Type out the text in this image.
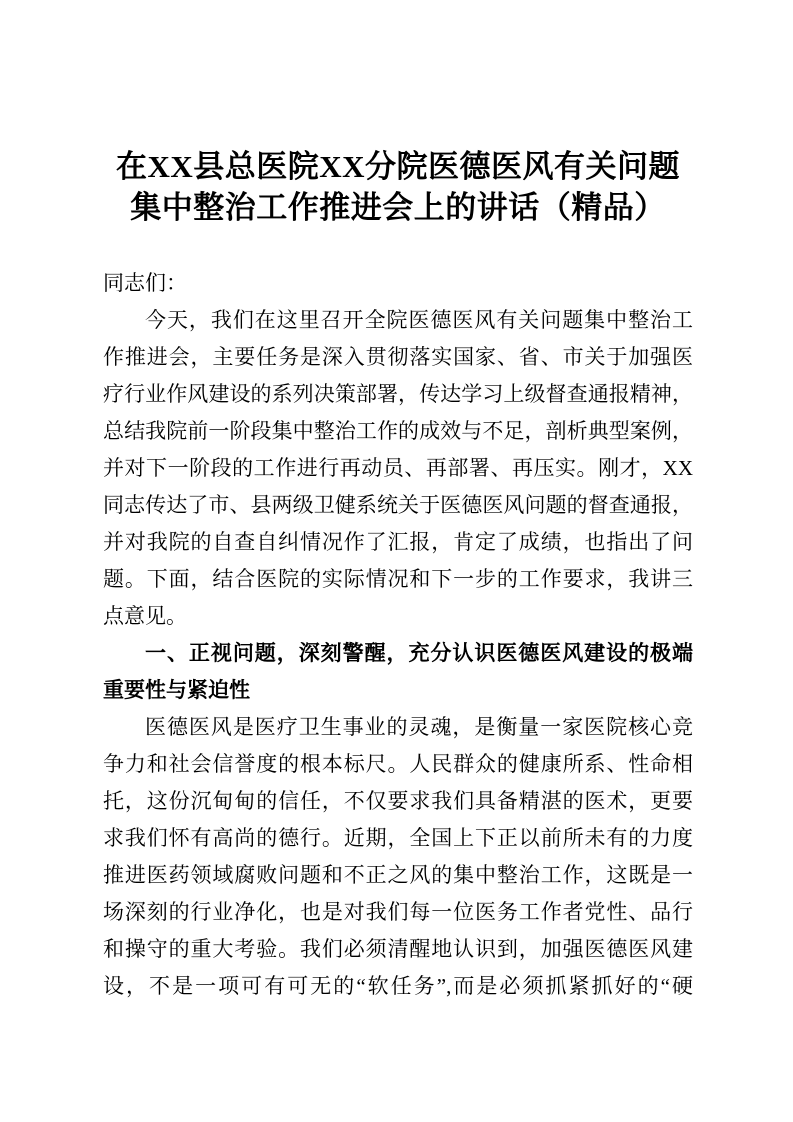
在XX县总医院XX分院医德医风有关问题
集中整治工作推进会上的讲话（精品）
同志们：
今天，我们在这里召开全院医德医风有关问题集中整治工
作推进会，主要任务是深入贯彻落实国家、省、市关于加强医
疗行业作风建设的系列决策部署，传达学习上级督查通报精神，
总结我院前一阶段集中整治工作的成效与不足，剖析典型案例，
并对下一阶段的工作进行再动员、再部署、再压实。刚才，XX
同志传达了市、县两级卫健系统关于医德医风问题的督查通报，
并对我院的自查自纠情况作了汇报，肯定了成绩，也指出了问
题。下面，结合医院的实际情况和下一步的工作要求，我讲三
点意见。
一、正视问题，深刻警醒，充分认识医德医风建设的极端
重要性与紧迫性
医德医风是医疗卫生事业的灵魂，是衡量一家医院核心竞
争力和社会信誉度的根本标尺。人民群众的健康所系、性命相
托，这份沉甸甸的信任，不仅要求我们具备精湛的医术，更要
求我们怀有高尚的德行。近期，全国上下正以前所未有的力度
推进医药领域腐败问题和不正之风的集中整治工作，这既是一
场深刻的行业净化，也是对我们每一位医务工作者党性、品行
和操守的重大考验。我们必须清醒地认识到，加强医德医风建
设，不是一项可有可无的“软任务”,而是必须抓紧抓好的“硬
